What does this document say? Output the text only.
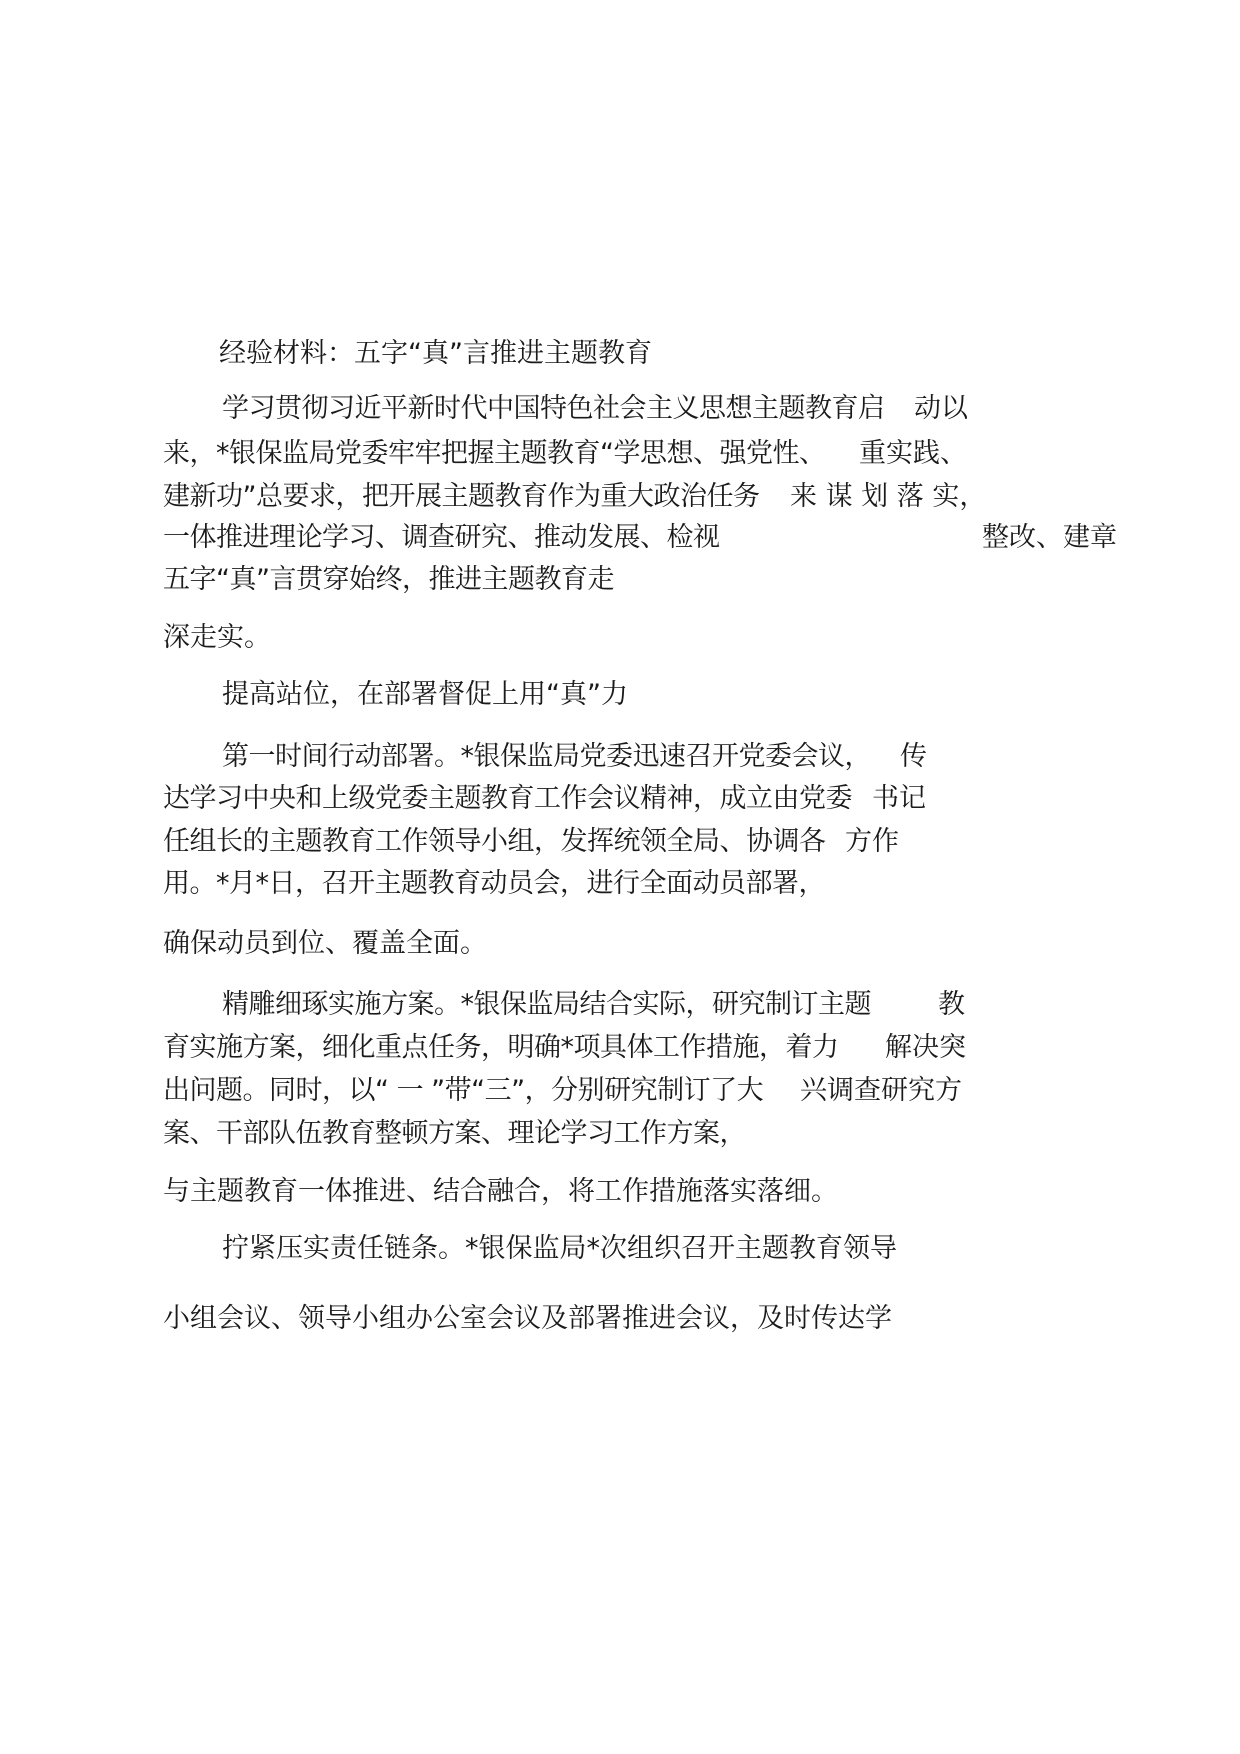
经验材料：五字“真”言推进主题教育
学习贯彻习近平新时代中国特色社会主义思想主题教育启 动以
来，*银保监局党委牢牢把握主题教育“学思想、强党性、 重实践、
建新功”总要求，把开展主题教育作为重大政治任务 来 谋 划 落 实，
一体推进理论学习、调查研究、推动发展、检视	整改、建章
五字“真”言贯穿始终，推进主题教育走
深走实。
提高站位，在部署督促上用“真”力
第一时间行动部署。*银保监局党委迅速召开党委会议， 传
达学习中央和上级党委主题教育工作会议精神，成立由党委 书记
任组长的主题教育工作领导小组，发挥统领全局、协调各 方作
用。*月*日，召开主题教育动员会，进行全面动员部署，
确保动员到位、覆盖全面。
精雕细琢实施方案。*银保监局结合实际，研究制订主题 教
育实施方案，细化重点任务，明确*项具体工作措施，着力 解决突
出问题。同时，以“ 一 ”带“三”，分别研究制订了大 兴调查研究方
案、干部队伍教育整顿方案、理论学习工作方案，
与主题教育一体推进、结合融合，将工作措施落实落细。
拧紧压实责任链条。*银保监局*次组织召开主题教育领导
小组会议、领导小组办公室会议及部署推进会议，及时传达学
